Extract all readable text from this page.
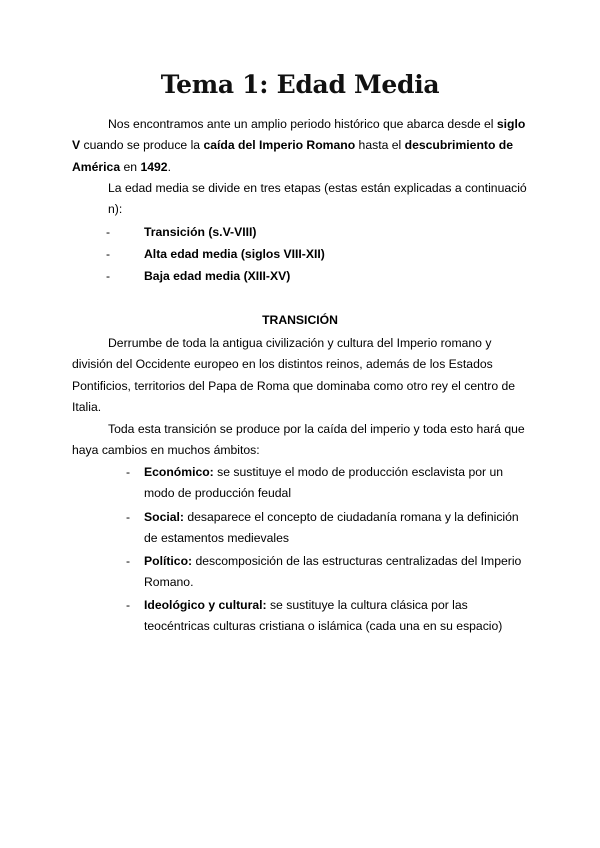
Tema 1: Edad Media

Nos encontramos ante un amplio periodo histórico que abarca desde el siglo V cuando se produce la caída del Imperio Romano hasta el descubrimiento de América en 1492.

La edad media se divide en tres etapas (estas están explicadas a continuación):

-	Transición (s.V-VIII)
-	Alta edad media (siglos VIII-XII)
-	Baja edad media (XIII-XV)
TRANSICIÓN

Derrumbe de toda la antigua civilización y cultura del Imperio romano y división del Occidente europeo en los distintos reinos, además de los Estados Pontificios, territorios del Papa de Roma que dominaba como otro rey el centro de Italia.

Toda esta transición se produce por la caída del imperio y toda esto hará que haya cambios en muchos ámbitos:

- Económico: se sustituye el modo de producción esclavista por un modo de producción feudal
- Social: desaparece el concepto de ciudadanía romana y la definición de estamentos medievales
- Político: descomposición de las estructuras centralizadas del Imperio Romano.
- Ideológico y cultural: se sustituye la cultura clásica por las teocéntricas culturas cristiana o islámica (cada una en su espacio)
